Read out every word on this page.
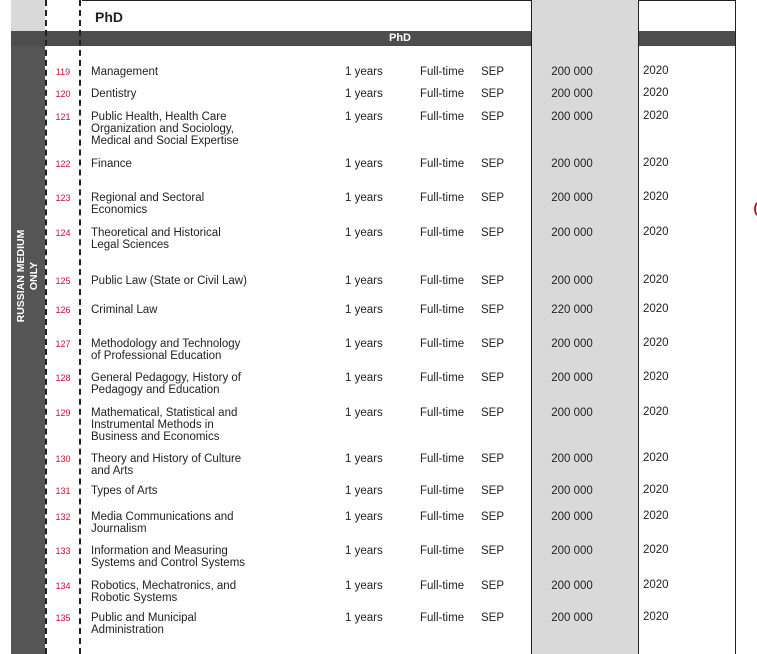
PhD
PhD
RUSSIAN MEDIUM ONLY
119	Management	1 years	Full-time SEP	200 000	2020
120	Dentistry	1 years	Full-time SEP	200 000	2020
121	Public Health, Health Care
Organization and Sociology,
Medical and Social Expertise
1 years	Full-time SEP	200 000	2020
122	Finance	1 years	Full-time SEP	200 000	2020
123	Regional and Sectoral
Economics
1 years	Full-time SEP	200 000	2020
124	Theoretical and Historical
Legal Sciences
1 years	Full-time SEP	200 000	2020
125	Public Law (State or Civil Law)	1 years	Full-time SEP	200 000	2020
126	Criminal Law	1 years	Full-time SEP	220 000	2020
127	Methodology and Technology
of Professional Education
1 years	Full-time SEP	200 000	2020
128	General Pedagogy, History of
Pedagogy and Education
1 years	Full-time SEP	200 000	2020
129	Mathematical, Statistical and
Instrumental Methods in
Business and Economics
1 years	Full-time SEP	200 000	2020
130	Theory and History of Culture
and Arts
1 years	Full-time SEP	200 000	2020
131	Types of Arts	1 years	Full-time SEP	200 000	2020
132	Media Communications and
Journalism
1 years	Full-time SEP	200 000	2020
133	Information and Measuring
Systems and Control Systems
1 years	Full-time SEP	200 000	2020
134	Robotics, Mechatronics, and
Robotic Systems
1 years	Full-time SEP	200 000	2020
135	Public and Municipal
Administration
1 years	Full-time SEP	200 000	2020
